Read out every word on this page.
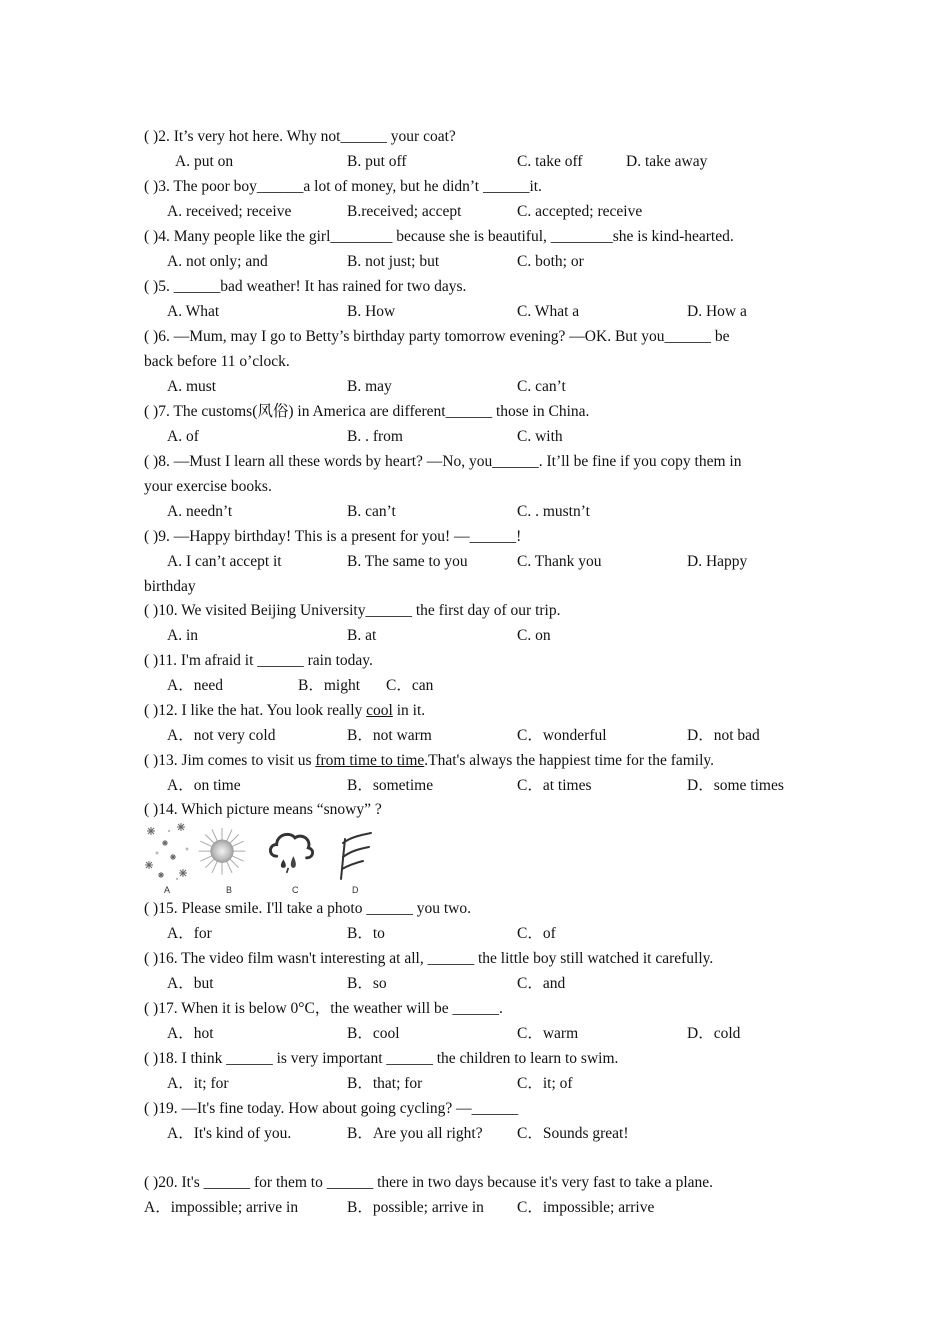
( )2. It’s very hot here. Why not______ your coat?
A. put on	B. put off	C. take off	D. take away
( )3. The poor boy______a lot of money, but he didn’t ______it.
A. received; receive	B.received; accept	C. accepted; receive
( )4. Many people like the girl________ because she is beautiful, ________she is kind-hearted.
A. not only; and	B. not just; but	C. both; or
( )5. ______bad weather! It has rained for two days.
A. What	B. How	C. What a	D. How a
( )6. —Mum, may I go to Betty’s birthday party tomorrow evening? —OK. But you______ be
back before 11 o’clock.
A. must	B. may	C. can’t
( )7. The customs(风俗) in America are different______ those in China.
A. of	B. . from	C. with
( )8. —Must I learn all these words by heart? —No, you______. It’ll be fine if you copy them in
your exercise books.
A. needn’t	B. can’t	C. . mustn’t
( )9. —Happy birthday! This is a present for you! —______!
A. I can’t accept it	B. The same to you	C. Thank you	D. Happy
birthday
( )10. We visited Beijing University______ the first day of our trip.
A. in	B. at	C. on
( )11. I'm afraid it ______ rain today.
A．need	B．might C．can
( )12. I like the hat. You look really cool in it.
A．not very cold	B．not warm	C．wonderful	D．not bad
( )13. Jim comes to visit us from time to time.That's always the happiest time for the family.
A．on time	B．sometime	C．at times	D．some times
( )14. Which picture means “snowy” ?
A	B	C	D
( )15. Please smile. I'll take a photo ______ you two.
A．for	B．to	C．of
( )16. The video film wasn't interesting at all, ______ the little boy still watched it carefully.
A．but	B．so	C．and
( )17. When it is below 0°C，the weather will be ______.
A．hot	B．cool	C．warm	D．cold
( )18. I think ______ is very important ______ the children to learn to swim.
A．it; for	B．that; for	C．it; of
( )19. —It's fine today. How about going cycling? —______
A．It's kind of you.	B．Are you all right? C．Sounds great!
( )20. It's ______ for them to ______ there in two days because it's very fast to take a plane.
A．impossible; arrive in	B．possible; arrive in C．impossible; arrive
